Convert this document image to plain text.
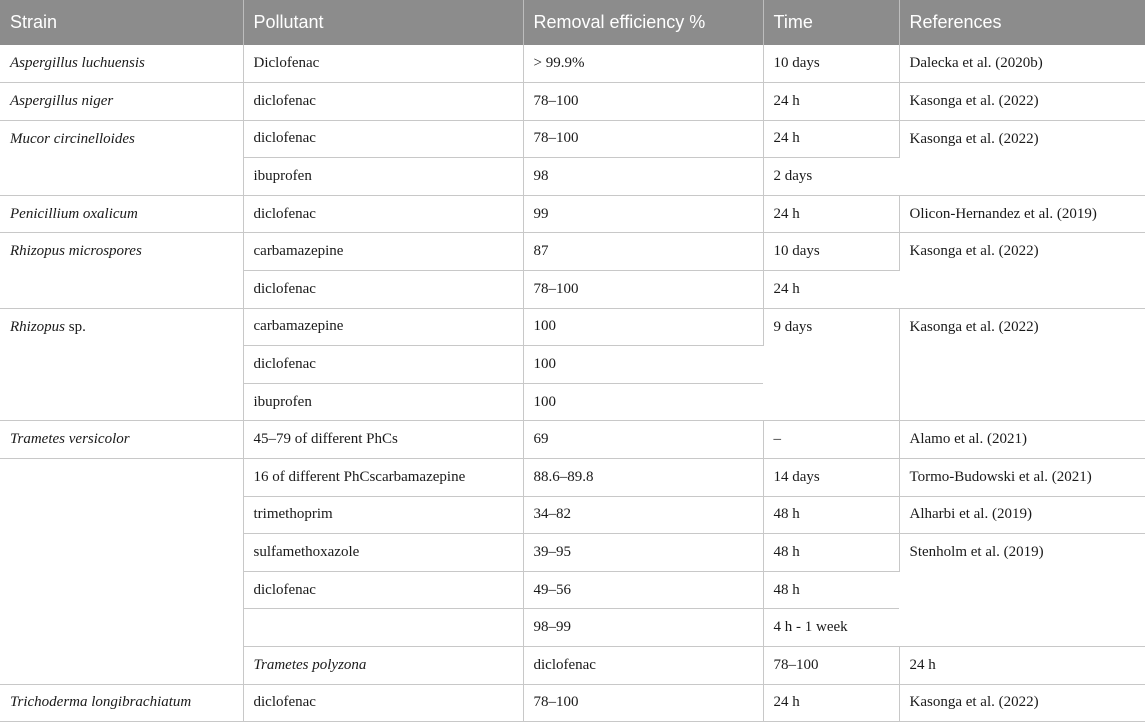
Strain	Pollutant	Removal efficiency %	Time	References	
Aspergillus luchuensis	Diclofenac	> 99.9%	10 days	Dalecka et al. (2020b)	
Aspergillus niger	diclofenac	78–100	24 h	Kasonga et al. (2022)	
Mucor circinelloides	diclofenac	78–100	24 h	Kasonga et al. (2022)	
	ibuprofen	98	2 days		
Penicillium oxalicum	diclofenac	99	24 h	Olicon-Hernandez et al. (2019)	
Rhizopus microspores	carbamazepine	87	10 days	Kasonga et al. (2022)	
	diclofenac	78–100	24 h		
Rhizopus sp.	carbamazepine	100	9 days	Kasonga et al. (2022)	
	diclofenac	100			
	ibuprofen	100			
Trametes versicolor	45–79 of different PhCs	69	–	Alamo et al. (2021)	
	16 of different PhCscarbamazepine	88.6–89.8	14 days	Tormo-Budowski et al. (2021)	
	trimethoprim	34–82	48 h	Alharbi et al. (2019)	
	sulfamethoxazole	39–95	48 h	Stenholm et al. (2019)	
	diclofenac	49–56	48 h		
		98–99	4 h - 1 week		
	Trametes polyzona	diclofenac	78–100	24 h	
Trichoderma longibrachiatum	diclofenac	78–100	24 h	Kasonga et al. (2022)	
